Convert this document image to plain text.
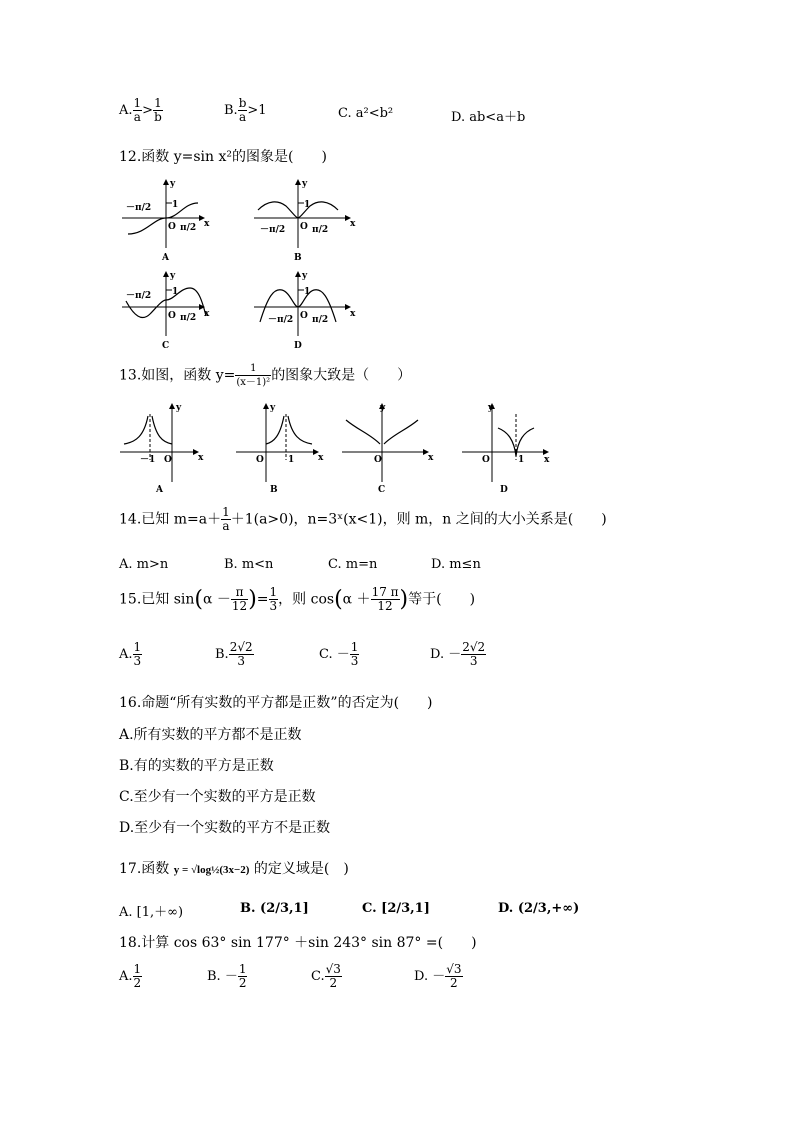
A. $\frac{1}{a} > \frac{1}{b}$	B. $\frac{b}{a} >1$	C. a²<b²	D. ab<a＋b
12.函数 y=sin x²的图象是(　　)
y
x
O
1
－π/2
π/2
A
y
x
O
1
－π/2	π/2
B
y
x
O
1
－π/2
π/2
C
y
x
O
1
－π/2 π/2
D
13.如图，函数 $y= \frac{1}{\text{(x－1)²}}$ 的图象大致是（　　）
y
x
O
－1
A
y
x
O	1
B
y
x
O
C
y
x
O	1
D
14.已知 $m=a+ \frac{1}{a} +1(a>0)$，n=3ˣ(x<1)，则 m，n 之间的大小关系是(　　)
A. m>n	B. m<n	C. m=n	D. m≤n
15.已知 $\sin(\alpha - \frac{\pi}{12}$ )= $\frac{1}{3}$ ，则 $\cos(\alpha + \frac{17 \pi}{12}$ )等于(　　)
A. $\frac{1}{3}$	B. $\frac{2√2}{3}$	C. － $\frac{1}{3}$	D. － $\frac{2√2}{3}$
16.命题“所有实数的平方都是正数”的否定为(　　)
A.所有实数的平方都不是正数
B.有的实数的平方是正数
C.至少有一个实数的平方是正数
D.至少有一个实数的平方不是正数
17.函数 y = √log½(3x−2) 的定义域是(　)
A. [1,＋∞)	B. (2/3,1]	C. [2/3,1]	D. (2/3,+∞)
18.计算 cos 63° sin 177° ＋sin 243° sin 87° =(　　)
A. $\frac{1}{2}$	B. － $\frac{1}{2}$	C. $\frac{√3}{2}$	D. － $\frac{√3}{2}$
